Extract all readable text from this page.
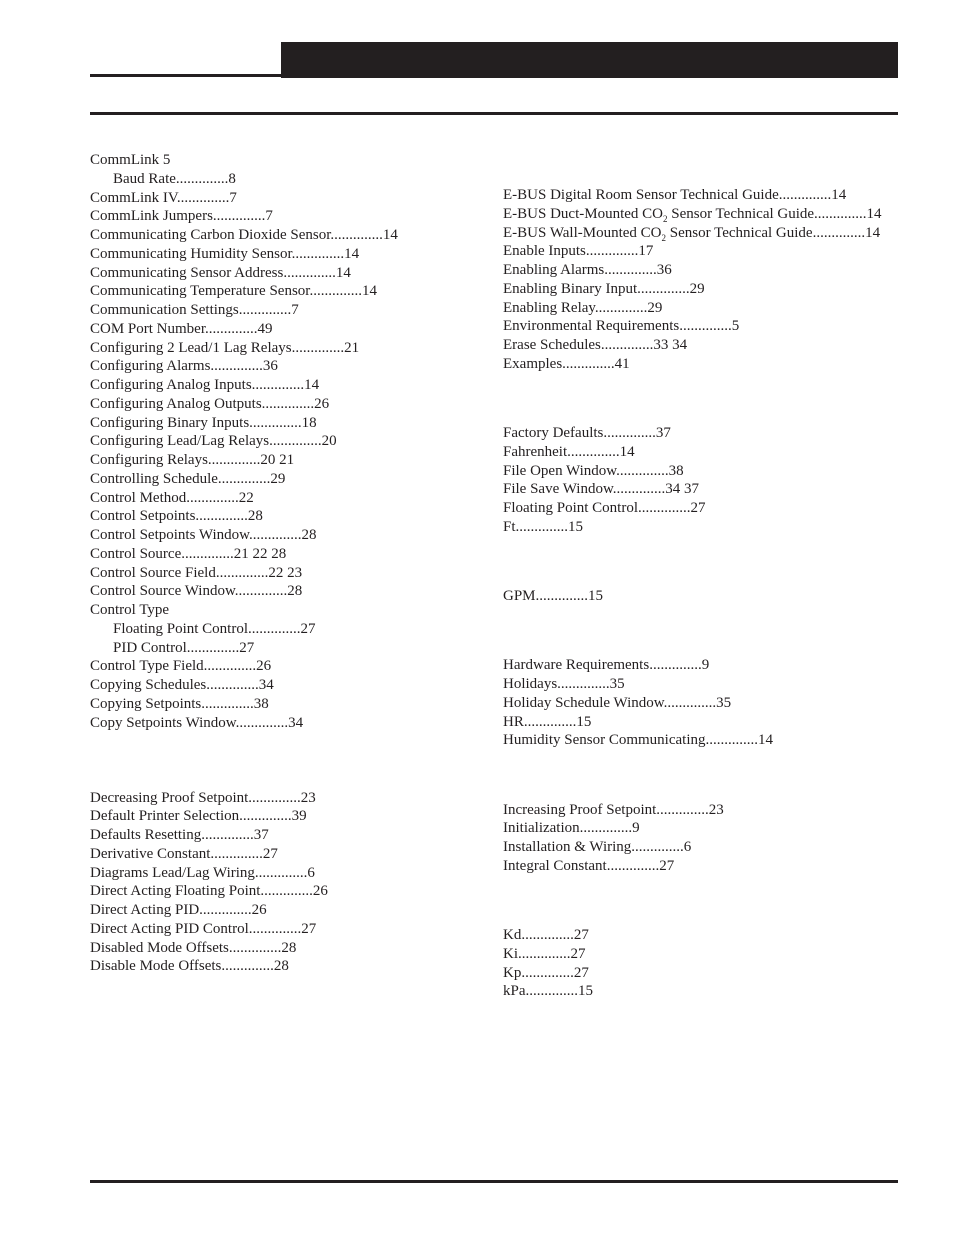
CommLink 5
Baud Rate..............8
CommLink IV..............7
CommLink Jumpers..............7
Communicating Carbon Dioxide Sensor..............14
Communicating Humidity Sensor..............14
Communicating Sensor Address..............14
Communicating Temperature Sensor..............14
Communication Settings..............7
COM Port Number..............49
Configuring 2 Lead/1 Lag Relays..............21
Configuring Alarms..............36
Configuring Analog Inputs..............14
Configuring Analog Outputs..............26
Configuring Binary Inputs..............18
Configuring Lead/Lag Relays..............20
Configuring Relays..............20 21
Controlling Schedule..............29
Control Method..............22
Control Setpoints..............28
Control Setpoints Window..............28
Control Source..............21 22 28
Control Source Field..............22 23
Control Source Window..............28
Control Type
Floating Point Control..............27
PID Control..............27
Control Type Field..............26
Copying Schedules..............34
Copying Setpoints..............38
Copy Setpoints Window..............34
Decreasing Proof Setpoint..............23
Default Printer Selection..............39
Defaults Resetting..............37
Derivative Constant..............27
Diagrams Lead/Lag Wiring..............6
Direct Acting Floating Point..............26
Direct Acting PID..............26
Direct Acting PID Control..............27
Disabled Mode Offsets..............28
Disable Mode Offsets..............28
E-BUS Digital Room Sensor Technical Guide..............14
E-BUS Duct-Mounted $CO_2$ Sensor Technical Guide..............14
E-BUS Wall-Mounted $CO_2$ Sensor Technical Guide..............14
Enable Inputs..............17
Enabling Alarms..............36
Enabling Binary Input..............29
Enabling Relay..............29
Environmental Requirements..............5
Erase Schedules..............33 34
Examples..............41
Factory Defaults..............37
Fahrenheit..............14
File Open Window..............38
File Save Window..............34 37
Floating Point Control..............27
Ft..............15
GPM..............15
Hardware Requirements..............9
Holidays..............35
Holiday Schedule Window..............35
HR..............15
Humidity Sensor Communicating..............14
Increasing Proof Setpoint..............23
Initialization..............9
Installation & Wiring..............6
Integral Constant..............27
Kd..............27
Ki..............27
Kp..............27
kPa..............15
